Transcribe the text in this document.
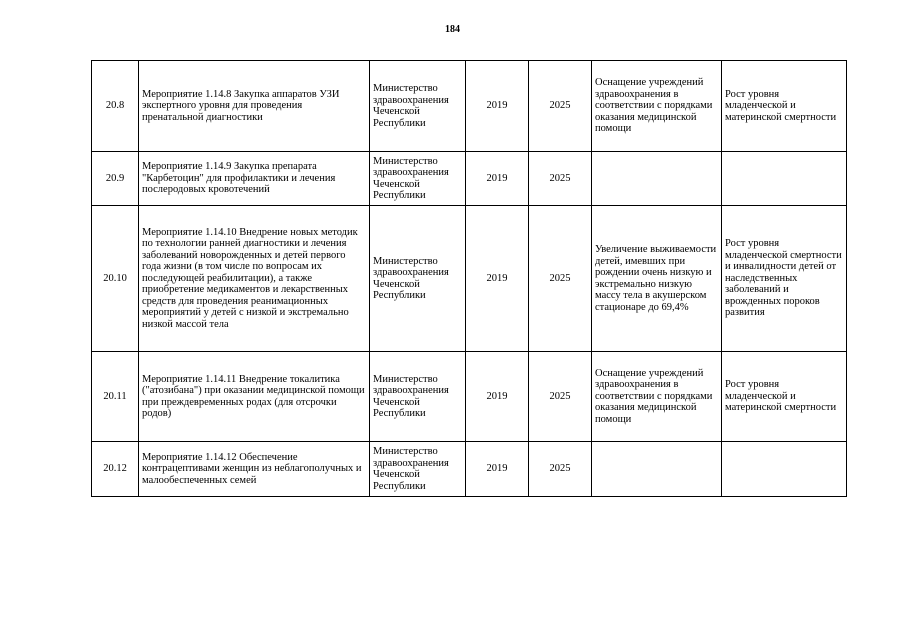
184
20.8	Мероприятие 1.14.8 Закупка аппаратов УЗИ экспертного уровня для проведения пренатальной диагностики	Министерство здравоохранения Чеченской Республики	2019	2025	Оснащение учреждений здравоохранения в соответствии с порядками оказания медицинской помощи	Рост уровня младенческой и материнской смертности
20.9	Мероприятие 1.14.9 Закупка препарата "Карбетоцин" для профилактики и лечения послеродовых кровотечений	Министерство здравоохранения Чеченской Республики	2019	2025		
20.10	Мероприятие 1.14.10 Внедрение новых методик по технологии ранней диагностики и лечения заболеваний новорожденных и детей первого года жизни (в том числе по вопросам их последующей реабилитации), а также приобретение медикаментов и лекарственных средств для проведения реанимационных мероприятий у детей с низкой и экстремально низкой массой тела	Министерство здравоохранения Чеченской Республики	2019	2025	Увеличение выживаемости детей, имевших при рождении очень низкую и экстремально низкую массу тела в акушерском стационаре до 69,4%	Рост уровня младенческой смертности и инвалидности детей от наследственных заболеваний и врожденных пороков развития
20.11	Мероприятие 1.14.11 Внедрение токалитика ("атозибана") при оказании медицинской помощи при преждевременных родах (для отсрочки родов)	Министерство здравоохранения Чеченской Республики	2019	2025	Оснащение учреждений здравоохранения в соответствии с порядками оказания медицинской помощи	Рост уровня младенческой и материнской смертности
20.12	Мероприятие 1.14.12 Обеспечение контрацептивами женщин из неблагополучных и малообеспеченных семей	Министерство здравоохранения Чеченской Республики	2019	2025		
